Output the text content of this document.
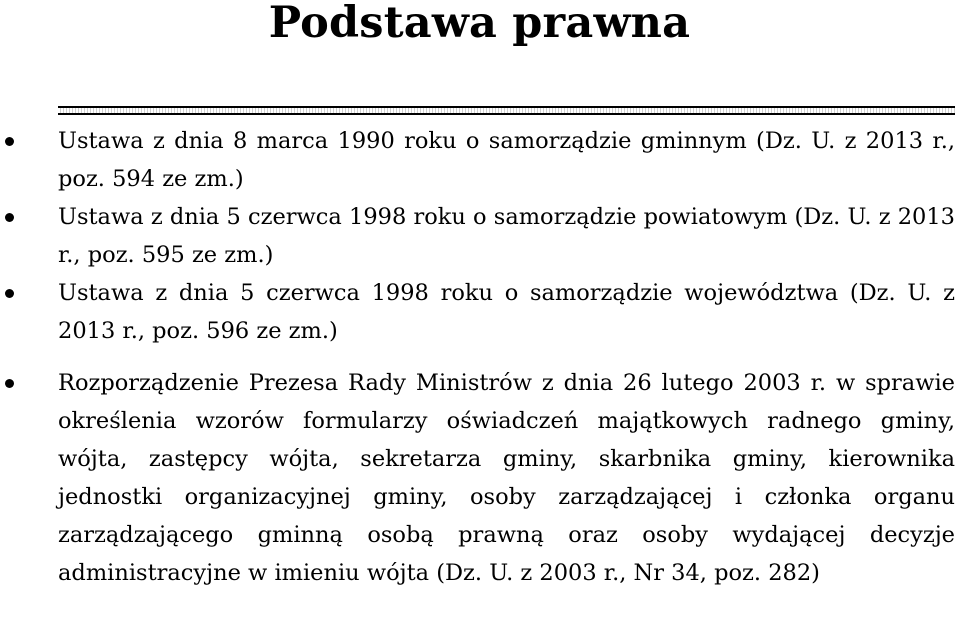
Podstawa prawna
Ustawa z dnia 8 marca 1990 roku o samorządzie gminnym (Dz. U. z 2013 r., poz. 594 ze zm.)
Ustawa z dnia 5 czerwca 1998 roku o samorządzie powiatowym (Dz. U. z 2013 r., poz. 595 ze zm.)
Ustawa z dnia 5 czerwca 1998 roku o samorządzie województwa (Dz. U. z 2013 r., poz. 596 ze zm.)
Rozporządzenie Prezesa Rady Ministrów z dnia 26 lutego 2003 r. w sprawie określenia wzorów formularzy oświadczeń majątkowych radnego gminy, wójta, zastępcy wójta, sekretarza gminy, skarbnika gminy, kierownika jednostki organizacyjnej gminy, osoby zarządzającej i członka organu zarządzającego gminną osobą prawną oraz osoby wydającej decyzje administracyjne w imieniu wójta (Dz. U. z 2003 r., Nr 34, poz. 282)
